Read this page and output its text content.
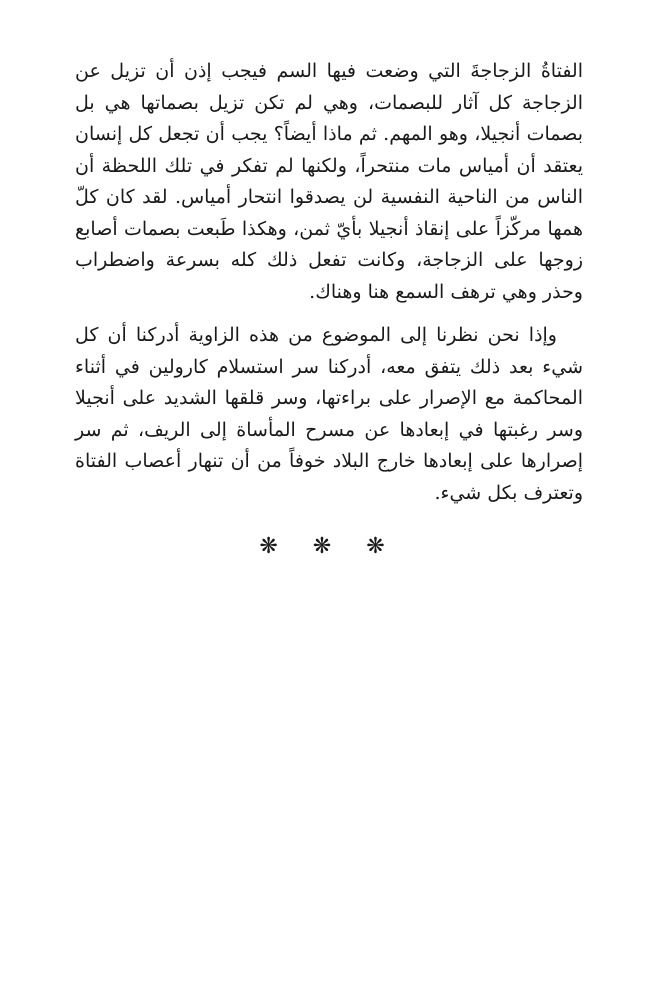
الفتاةُ الزجاجةَ التي وضعت فيها السم فيجب إذن أن تزيل عن الزجاجة كل آثار للبصمات، وهي لم تكن تزيل بصماتها هي بل بصمات أنجيلا، وهو المهم. ثم ماذا أيضاً؟ يجب أن تجعل كل إنسان يعتقد أن أمياس مات منتحراً، ولكنها لم تفكر في تلك اللحظة أن الناس من الناحية النفسية لن يصدقوا انتحار أمياس. لقد كان كلّ همها مركّزاً على إنقاذ أنجيلا بأيّ ثمن، وهكذا طَبعت بصمات أصابع زوجها على الزجاجة، وكانت تفعل ذلك كله بسرعة واضطراب وحذر وهي ترهف السمع هنا وهناك.

وإذا نحن نظرنا إلى الموضوع من هذه الزاوية أدركنا أن كل شيء بعد ذلك يتفق معه، أدركنا سر استسلام كارولين في أثناء المحاكمة مع الإصرار على براءتها، وسر قلقها الشديد على أنجيلا وسر رغبتها في إبعادها عن مسرح المأساة إلى الريف، ثم سر إصرارها على إبعادها خارج البلاد خوفاً من أن تنهار أعصاب الفتاة وتعترف بكل شيء.

❋ ❋ ❋
